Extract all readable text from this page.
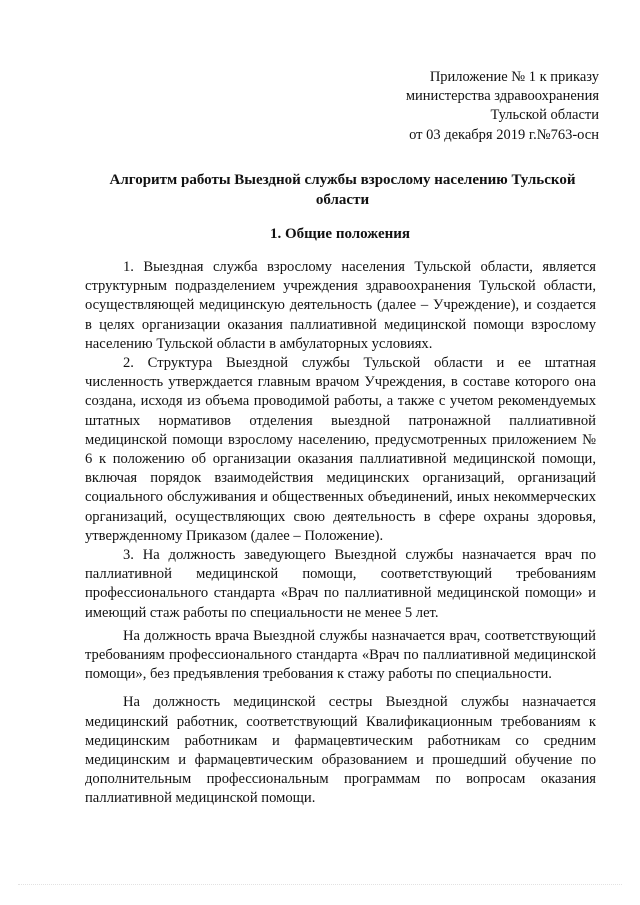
Приложение № 1 к приказу
министерства здравоохранения
Тульской области
от 03 декабря 2019 г.№763-осн
Алгоритм работы Выездной службы взрослому населению Тульской области
1. Общие положения

1. Выездная служба взрослому населения Тульской области, является структурным подразделением учреждения здравоохранения Тульской области, осуществляющей медицинскую деятельность (далее – Учреждение), и создается в целях организации оказания паллиативной медицинской помощи взрослому населению Тульской области в амбулаторных условиях.

2. Структура Выездной службы Тульской области и ее штатная численность утверждается главным врачом Учреждения, в составе которого она создана, исходя из объема проводимой работы, а также с учетом рекомендуемых штатных нормативов отделения выездной патронажной паллиативной медицинской помощи взрослому населению, предусмотренных приложением № 6 к положению об организации оказания паллиативной медицинской помощи, включая порядок взаимодействия медицинских организаций, организаций социального обслуживания и общественных объединений, иных некоммерческих организаций, осуществляющих свою деятельность в сфере охраны здоровья, утвержденному Приказом (далее – Положение).

3. На должность заведующего Выездной службы назначается врач по паллиативной медицинской помощи, соответствующий требованиям профессионального стандарта «Врач по паллиативной медицинской помощи» и имеющий стаж работы по специальности не менее 5 лет.

На должность врача Выездной службы назначается врач, соответствующий требованиям профессионального стандарта «Врач по паллиативной медицинской помощи», без предъявления требования к стажу работы по специальности.

На должность медицинской сестры Выездной службы назначается медицинский работник, соответствующий Квалификационным требованиям к медицинским работникам и фармацевтическим работникам со средним медицинским и фармацевтическим образованием и прошедший обучение по дополнительным профессиональным программам по вопросам оказания паллиативной медицинской помощи.
